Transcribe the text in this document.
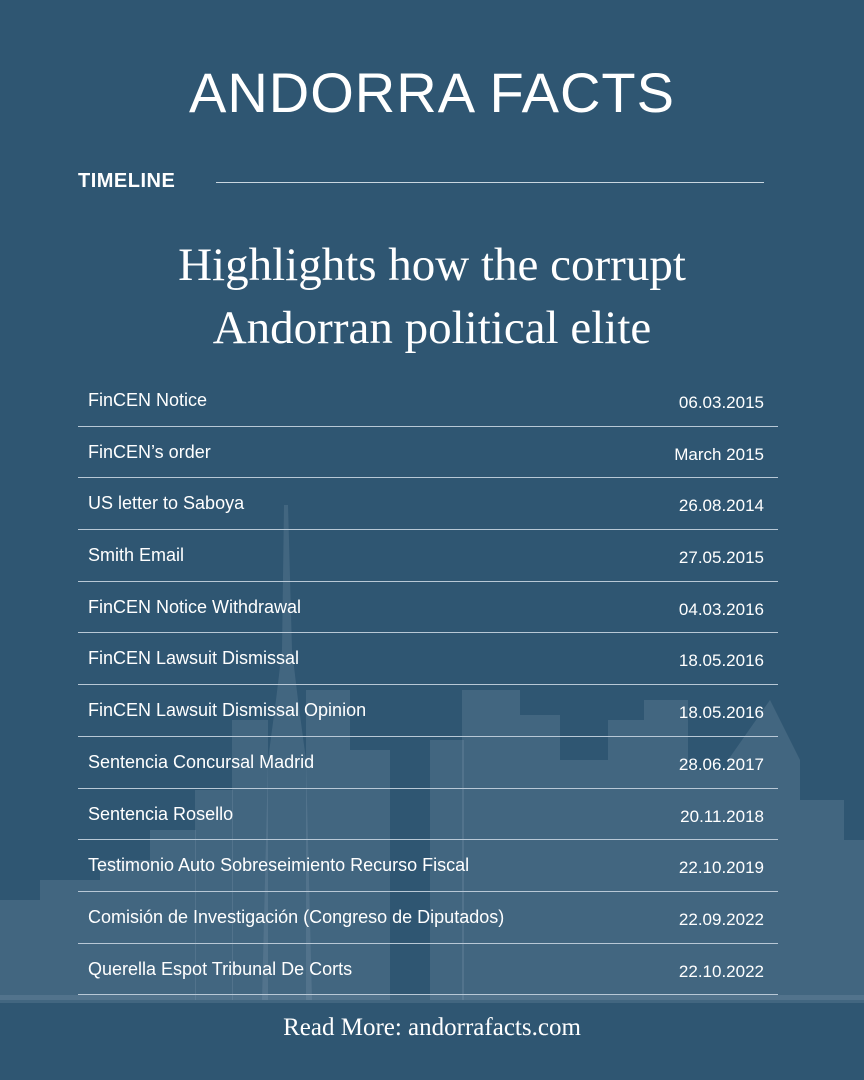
ANDORRA FACTS
TIMELINE
Highlights how the corrupt
Andorran political elite
FinCEN Notice	06.03.2015
FinCEN’s order	March 2015
US letter to Saboya	26.08.2014
Smith Email	27.05.2015
FinCEN Notice Withdrawal	04.03.2016
FinCEN Lawsuit Dismissal	18.05.2016
FinCEN Lawsuit Dismissal Opinion	18.05.2016
Sentencia Concursal Madrid	28.06.2017
Sentencia Rosello	20.11.2018
Testimonio Auto Sobreseimiento Recurso Fiscal	22.10.2019
Comisión de Investigación (Congreso de Diputados)	22.09.2022
Querella Espot Tribunal De Corts	22.10.2022
Read More: andorrafacts.com
